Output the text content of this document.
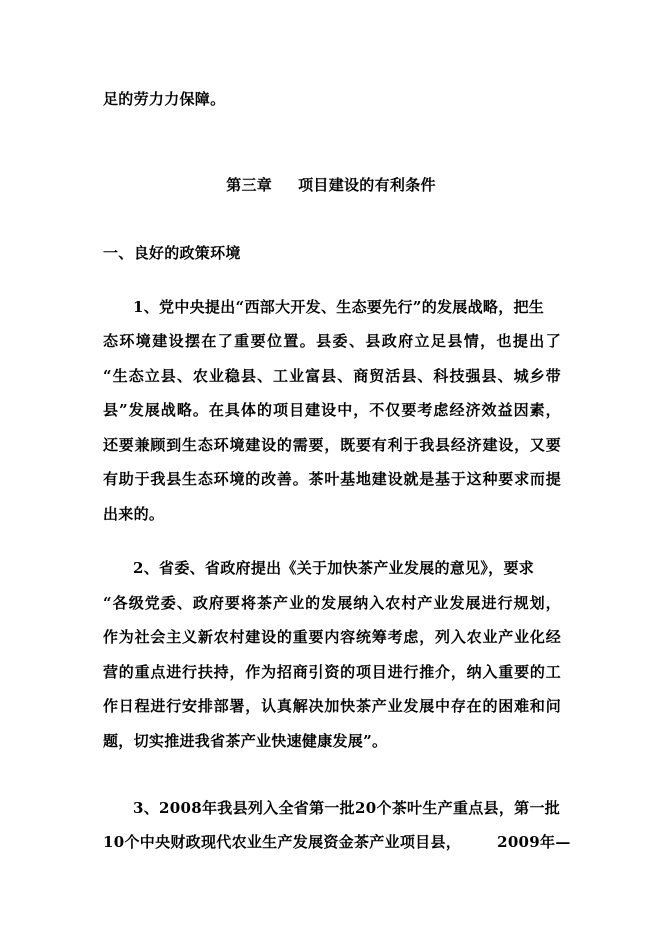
足的劳力力保障。
第三章 项目建设的有利条件
一、良好的政策环境
1、党中央提出“西部大开发、生态要先行”的发展战略，把生
态环境建设摆在了重要位置。县委、县政府立足县情，也提出了
“生态立县、农业稳县、工业富县、商贸活县、科技强县、城乡带
县”发展战略。在具体的项目建设中，不仅要考虑经济效益因素，
还要兼顾到生态环境建设的需要，既要有利于我县经济建设，又要
有助于我县生态环境的改善。茶叶基地建设就是基于这种要求而提
出来的。
2、省委、省政府提出《关于加快茶产业发展的意见》，要求
“各级党委、政府要将茶产业的发展纳入农村产业发展进行规划，
作为社会主义新农村建设的重要内容统筹考虑，列入农业产业化经
营的重点进行扶持，作为招商引资的项目进行推介，纳入重要的工
作日程进行安排部署，认真解决加快茶产业发展中存在的困难和问
题，切实推进我省茶产业快速健康发展”。
3、2008年我县列入全省第一批20个茶叶生产重点县，第一批
10个中央财政现代农业生产发展资金茶产业项目县， 2009年—
